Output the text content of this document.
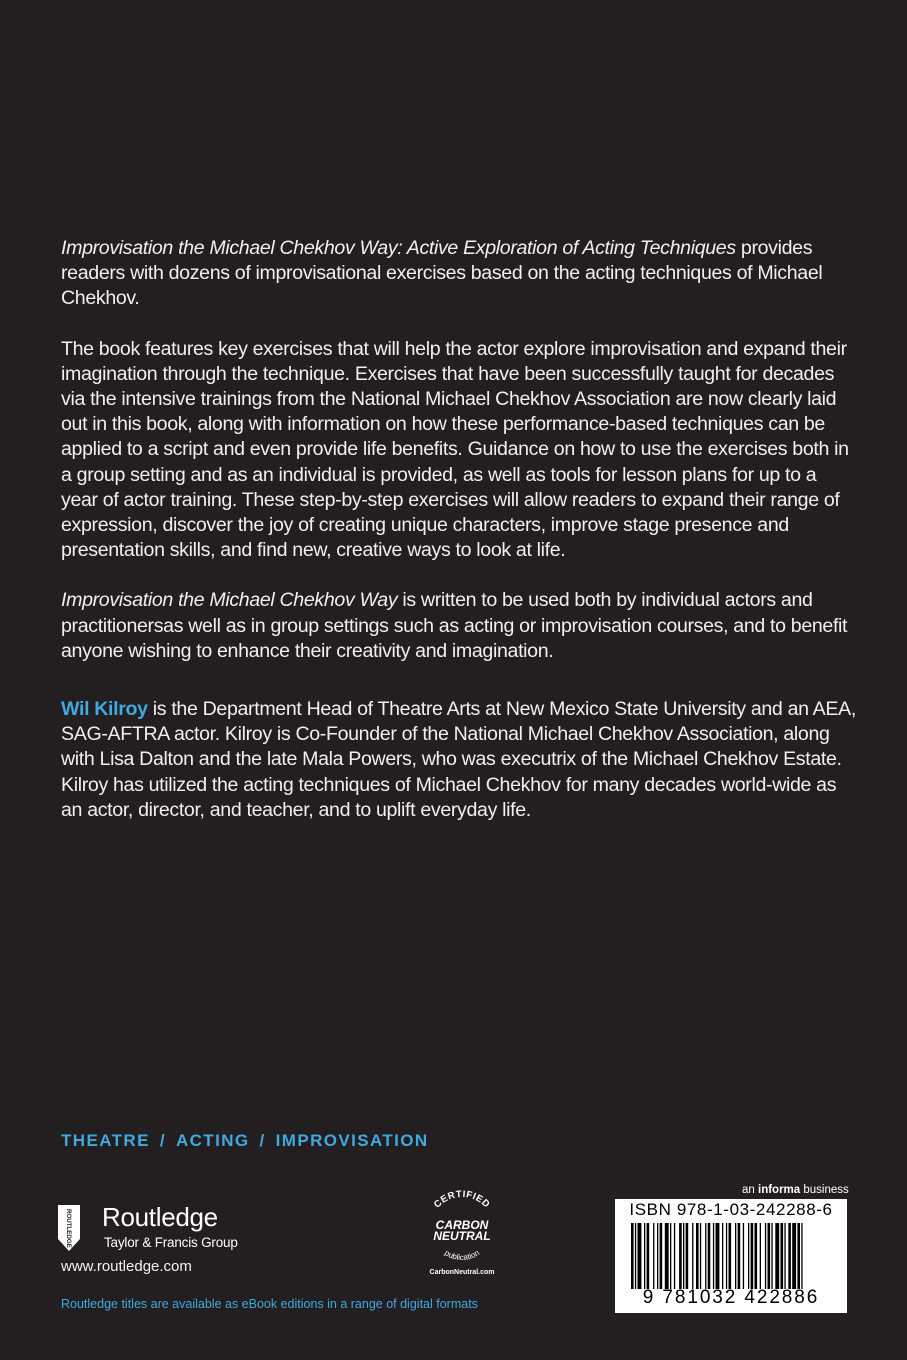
Improvisation the Michael Chekhov Way: Active Exploration of Acting Techniques provides readers with dozens of improvisational exercises based on the acting techniques of Michael Chekhov.

The book features key exercises that will help the actor explore improvisation and expand their imagination through the technique. Exercises that have been successfully taught for decades via the intensive trainings from the National Michael Chekhov Association are now clearly laid out in this book, along with information on how these performance-based techniques can be applied to a script and even provide life benefits. Guidance on how to use the exercises both in a group setting and as an individual is provided, as well as tools for lesson plans for up to a year of actor training. These step-by-step exercises will allow readers to expand their range of expression, discover the joy of creating unique characters, improve stage presence and presentation skills, and find new, creative ways to look at life.

Improvisation the Michael Chekhov Way is written to be used both by individual actors and practitionersas well as in group settings such as acting or improvisation courses, and to benefit anyone wishing to enhance their creativity and imagination.

Wil Kilroy is the Department Head of Theatre Arts at New Mexico State University and an AEA, SAG-AFTRA actor. Kilroy is Co-Founder of the National Michael Chekhov Association, along with Lisa Dalton and the late Mala Powers, who was executrix of the Michael Chekhov Estate. Kilroy has utilized the acting techniques of Michael Chekhov for many decades world-wide as an actor, director, and teacher, and to uplift everyday life.

THEATRE / ACTING / IMPROVISATION
ROUTLEDGE Routledge
Taylor & Francis Group
www.routledge.com
Routledge titles are available as eBook editions in a range of digital formats
CERTIFIED
CARBON
NEUTRAL
publication
CarbonNeutral.com
an informa business
ISBN 978-1-03-242288-6
9 781032 422886
